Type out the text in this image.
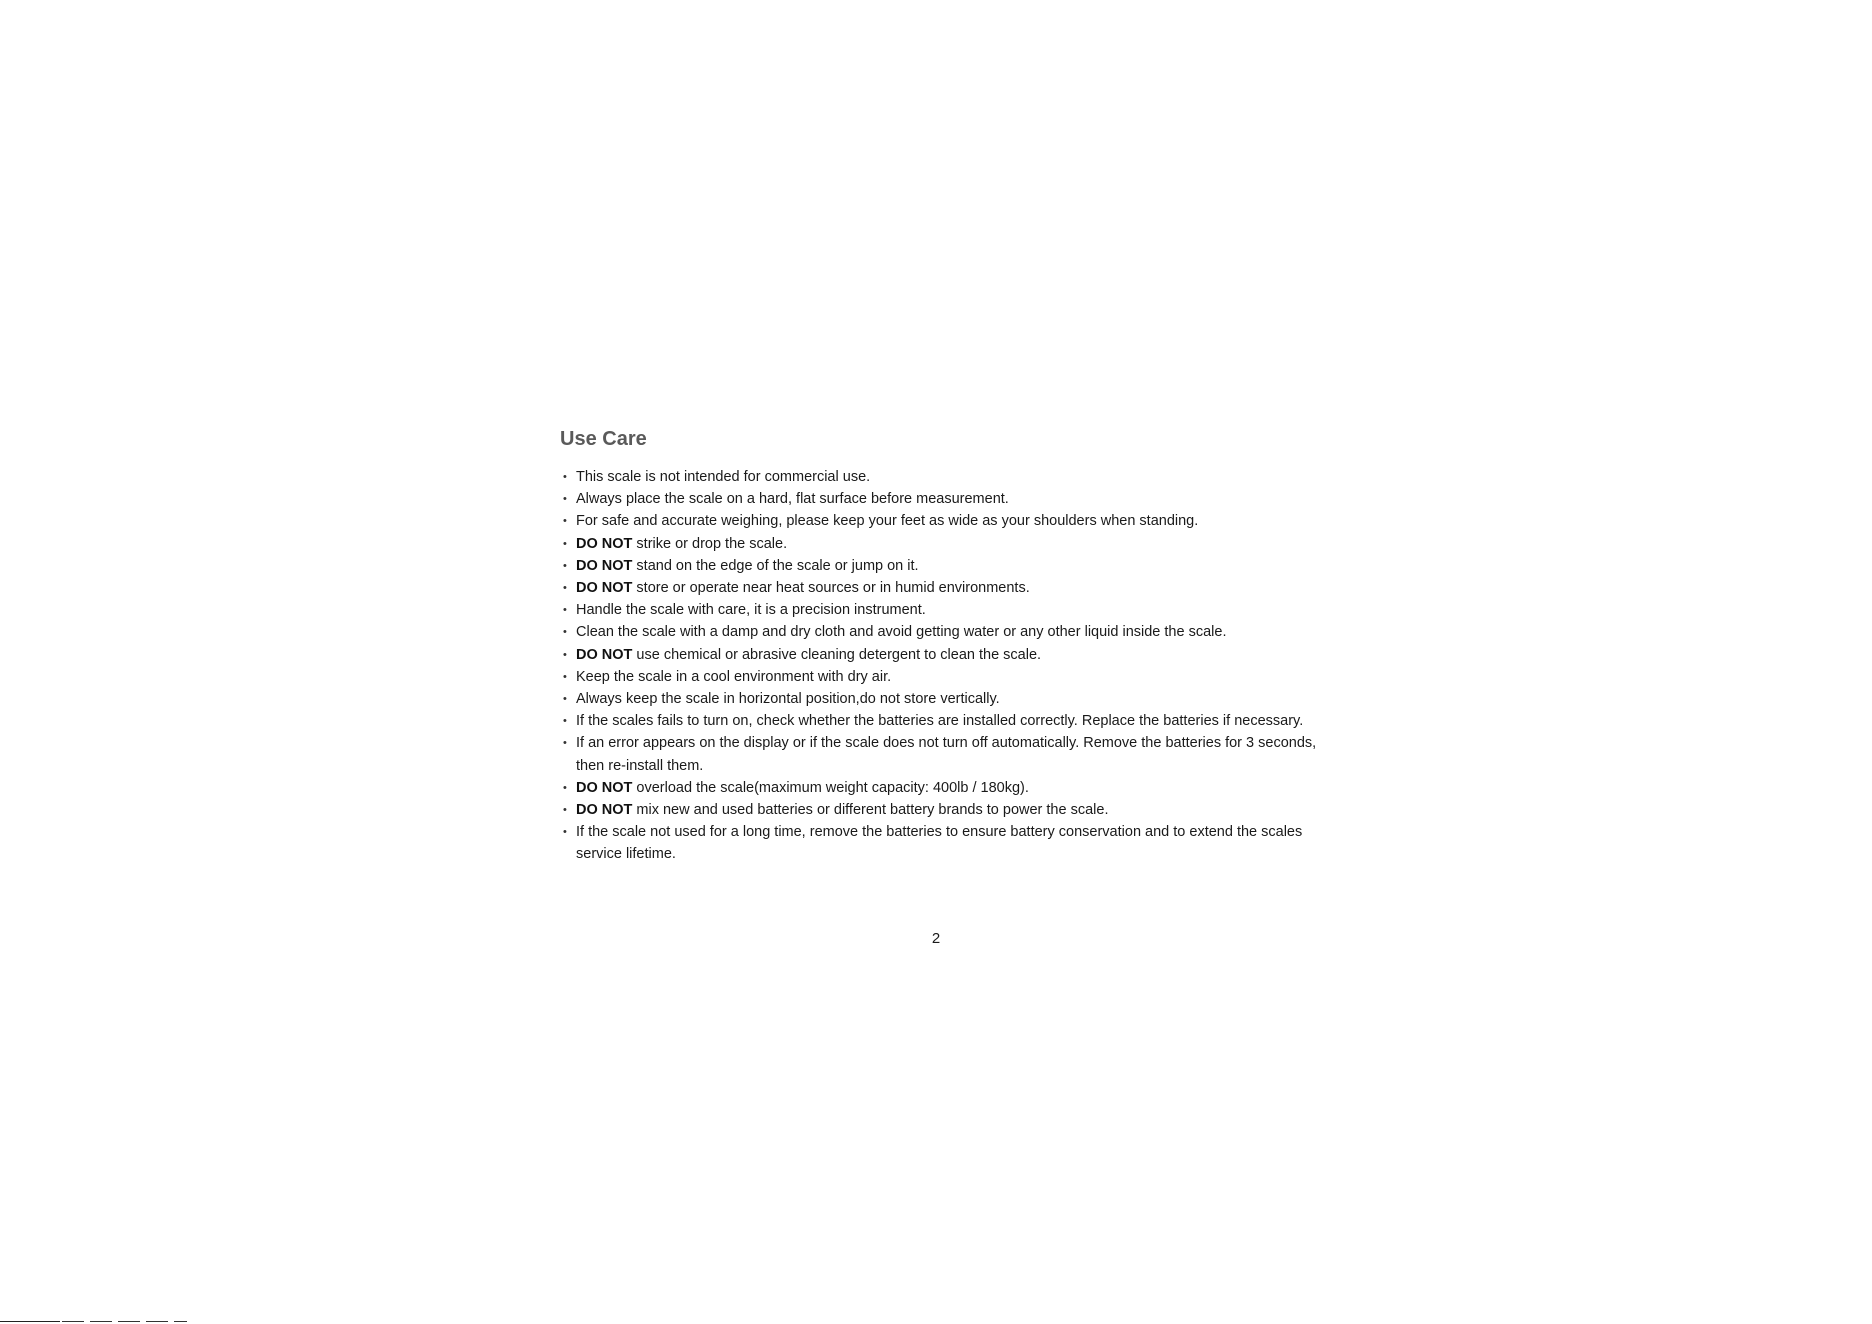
Use Care
• This scale is not intended for commercial use.
• Always place the scale on a hard, flat surface before measurement.
• For safe and accurate weighing, please keep your feet as wide as your shoulders when standing.
• DO NOT strike or drop the scale.
• DO NOT stand on the edge of the scale or jump on it.
• DO NOT store or operate near heat sources or in humid environments.
• Handle the scale with care, it is a precision instrument.
• Clean the scale with a damp and dry cloth and avoid getting water or any other liquid inside the scale.
• DO NOT use chemical or abrasive cleaning detergent to clean the scale.
• Keep the scale in a cool environment with dry air.
• Always keep the scale in horizontal position,do not store vertically.
• If the scales fails to turn on, check whether the batteries are installed correctly. Replace the batteries if necessary.
• If an error appears on the display or if the scale does not turn off automatically. Remove the batteries for 3 seconds, then re-install them.
• DO NOT overload the scale(maximum weight capacity: 400lb / 180kg).
• DO NOT mix new and used batteries or different battery brands to power the scale.
• If the scale not used for a long time, remove the batteries to ensure battery conservation and to extend the scales service lifetime.
2
